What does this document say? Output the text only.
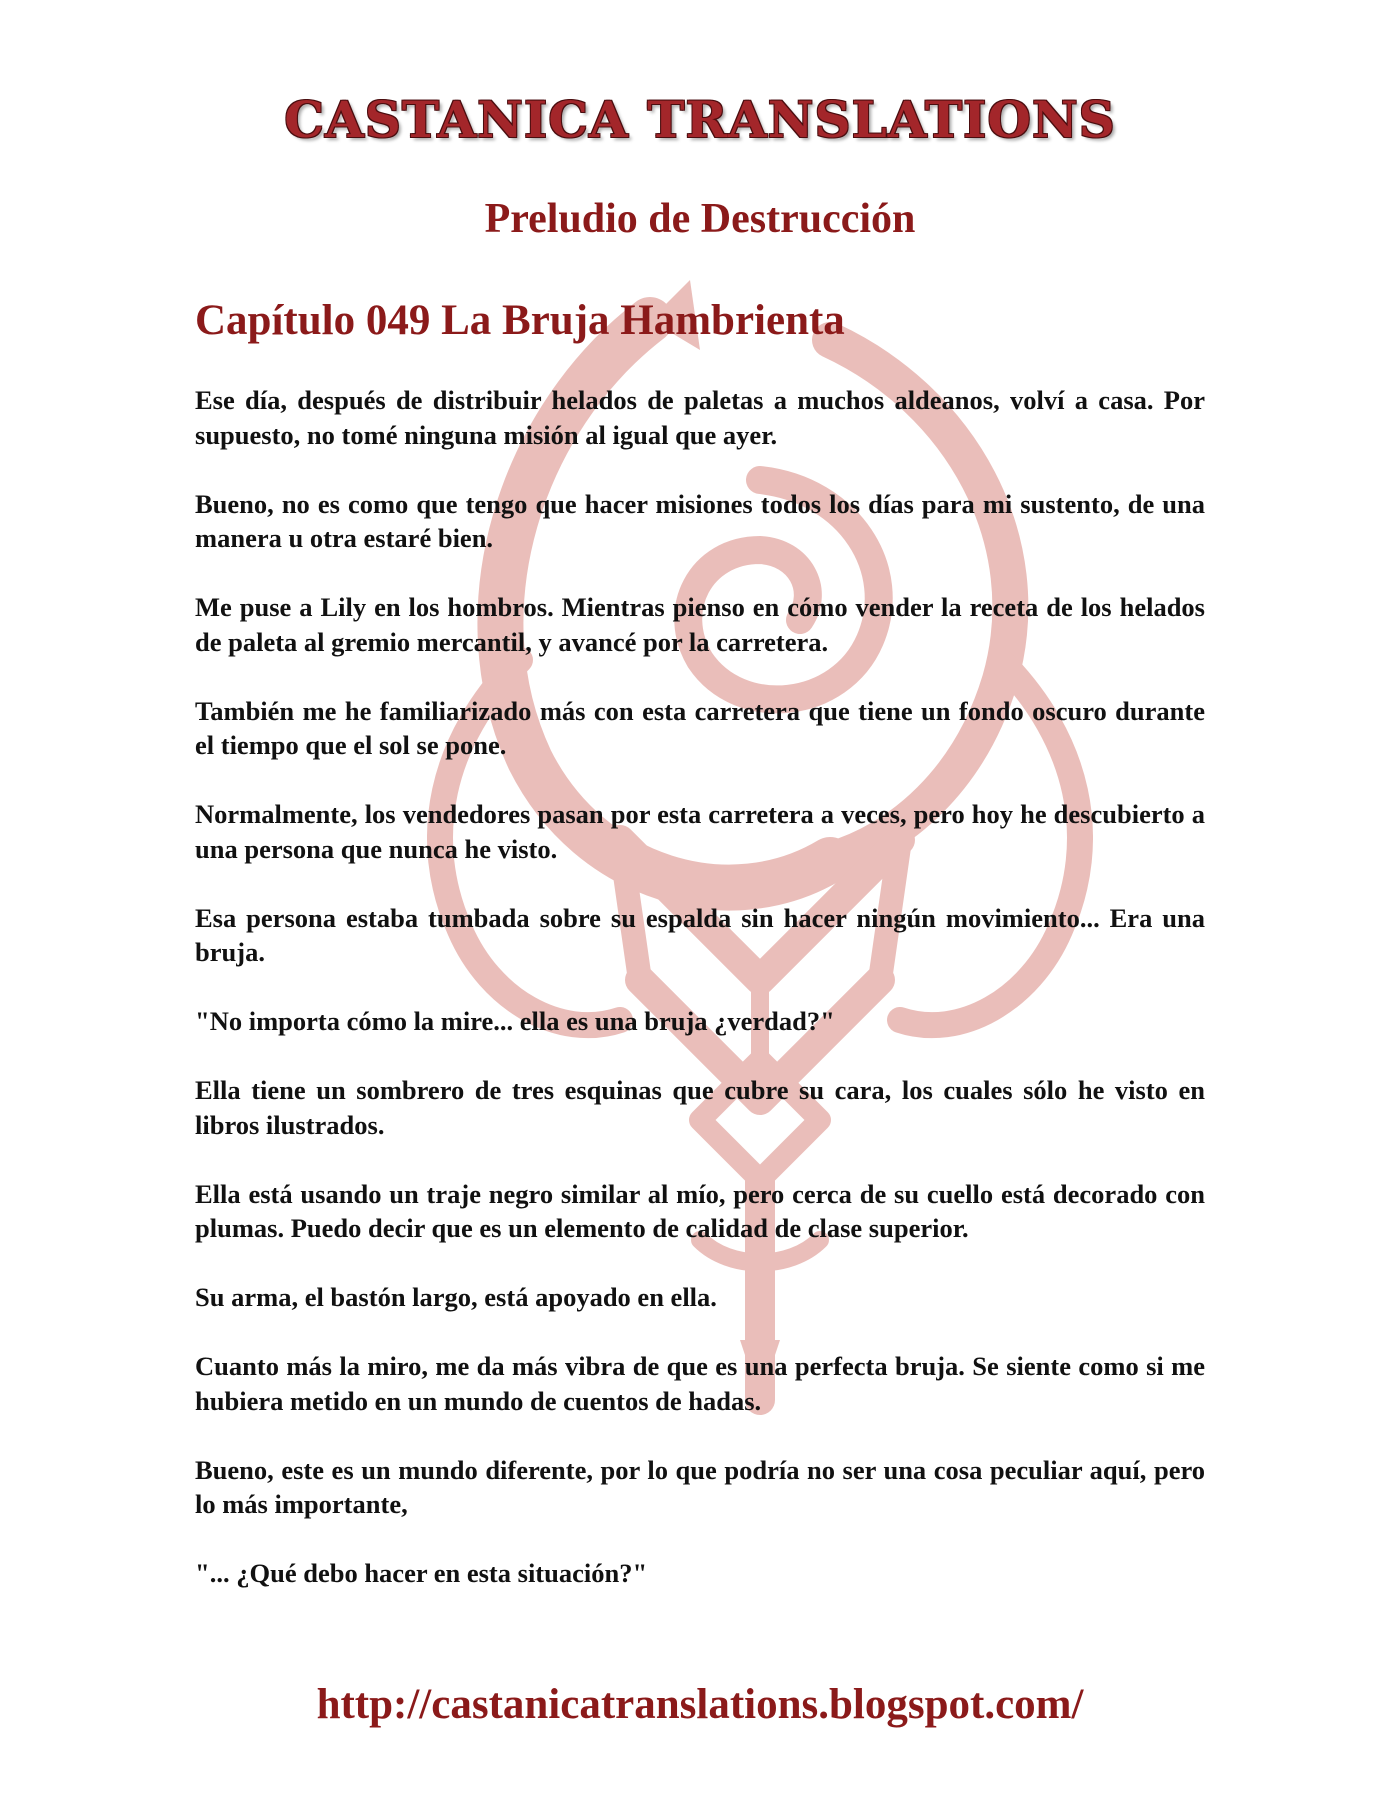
CASTANICA TRANSLATIONS
Preludio de Destrucción
Capítulo 049 La Bruja Hambrienta

Ese día, después de distribuir helados de paletas a muchos aldeanos, volví a casa. Por supuesto, no tomé ninguna misión al igual que ayer.

Bueno, no es como que tengo que hacer misiones todos los días para mi sustento, de una manera u otra estaré bien.

Me puse a Lily en los hombros. Mientras pienso en cómo vender la receta de los helados de paleta al gremio mercantil, y avancé por la carretera.

También me he familiarizado más con esta carretera que tiene un fondo oscuro durante el tiempo que el sol se pone.

Normalmente, los vendedores pasan por esta carretera a veces, pero hoy he descubierto a una persona que nunca he visto.

Esa persona estaba tumbada sobre su espalda sin hacer ningún movimiento... Era una bruja.

"No importa cómo la mire... ella es una bruja ¿verdad?"

Ella tiene un sombrero de tres esquinas que cubre su cara, los cuales sólo he visto en libros ilustrados.

Ella está usando un traje negro similar al mío, pero cerca de su cuello está decorado con plumas. Puedo decir que es un elemento de calidad de clase superior.

Su arma, el bastón largo, está apoyado en ella.

Cuanto más la miro, me da más vibra de que es una perfecta bruja. Se siente como si me hubiera metido en un mundo de cuentos de hadas.

Bueno, este es un mundo diferente, por lo que podría no ser una cosa peculiar aquí, pero lo más importante,

"... ¿Qué debo hacer en esta situación?"

http://castanicatranslations.blogspot.com/
